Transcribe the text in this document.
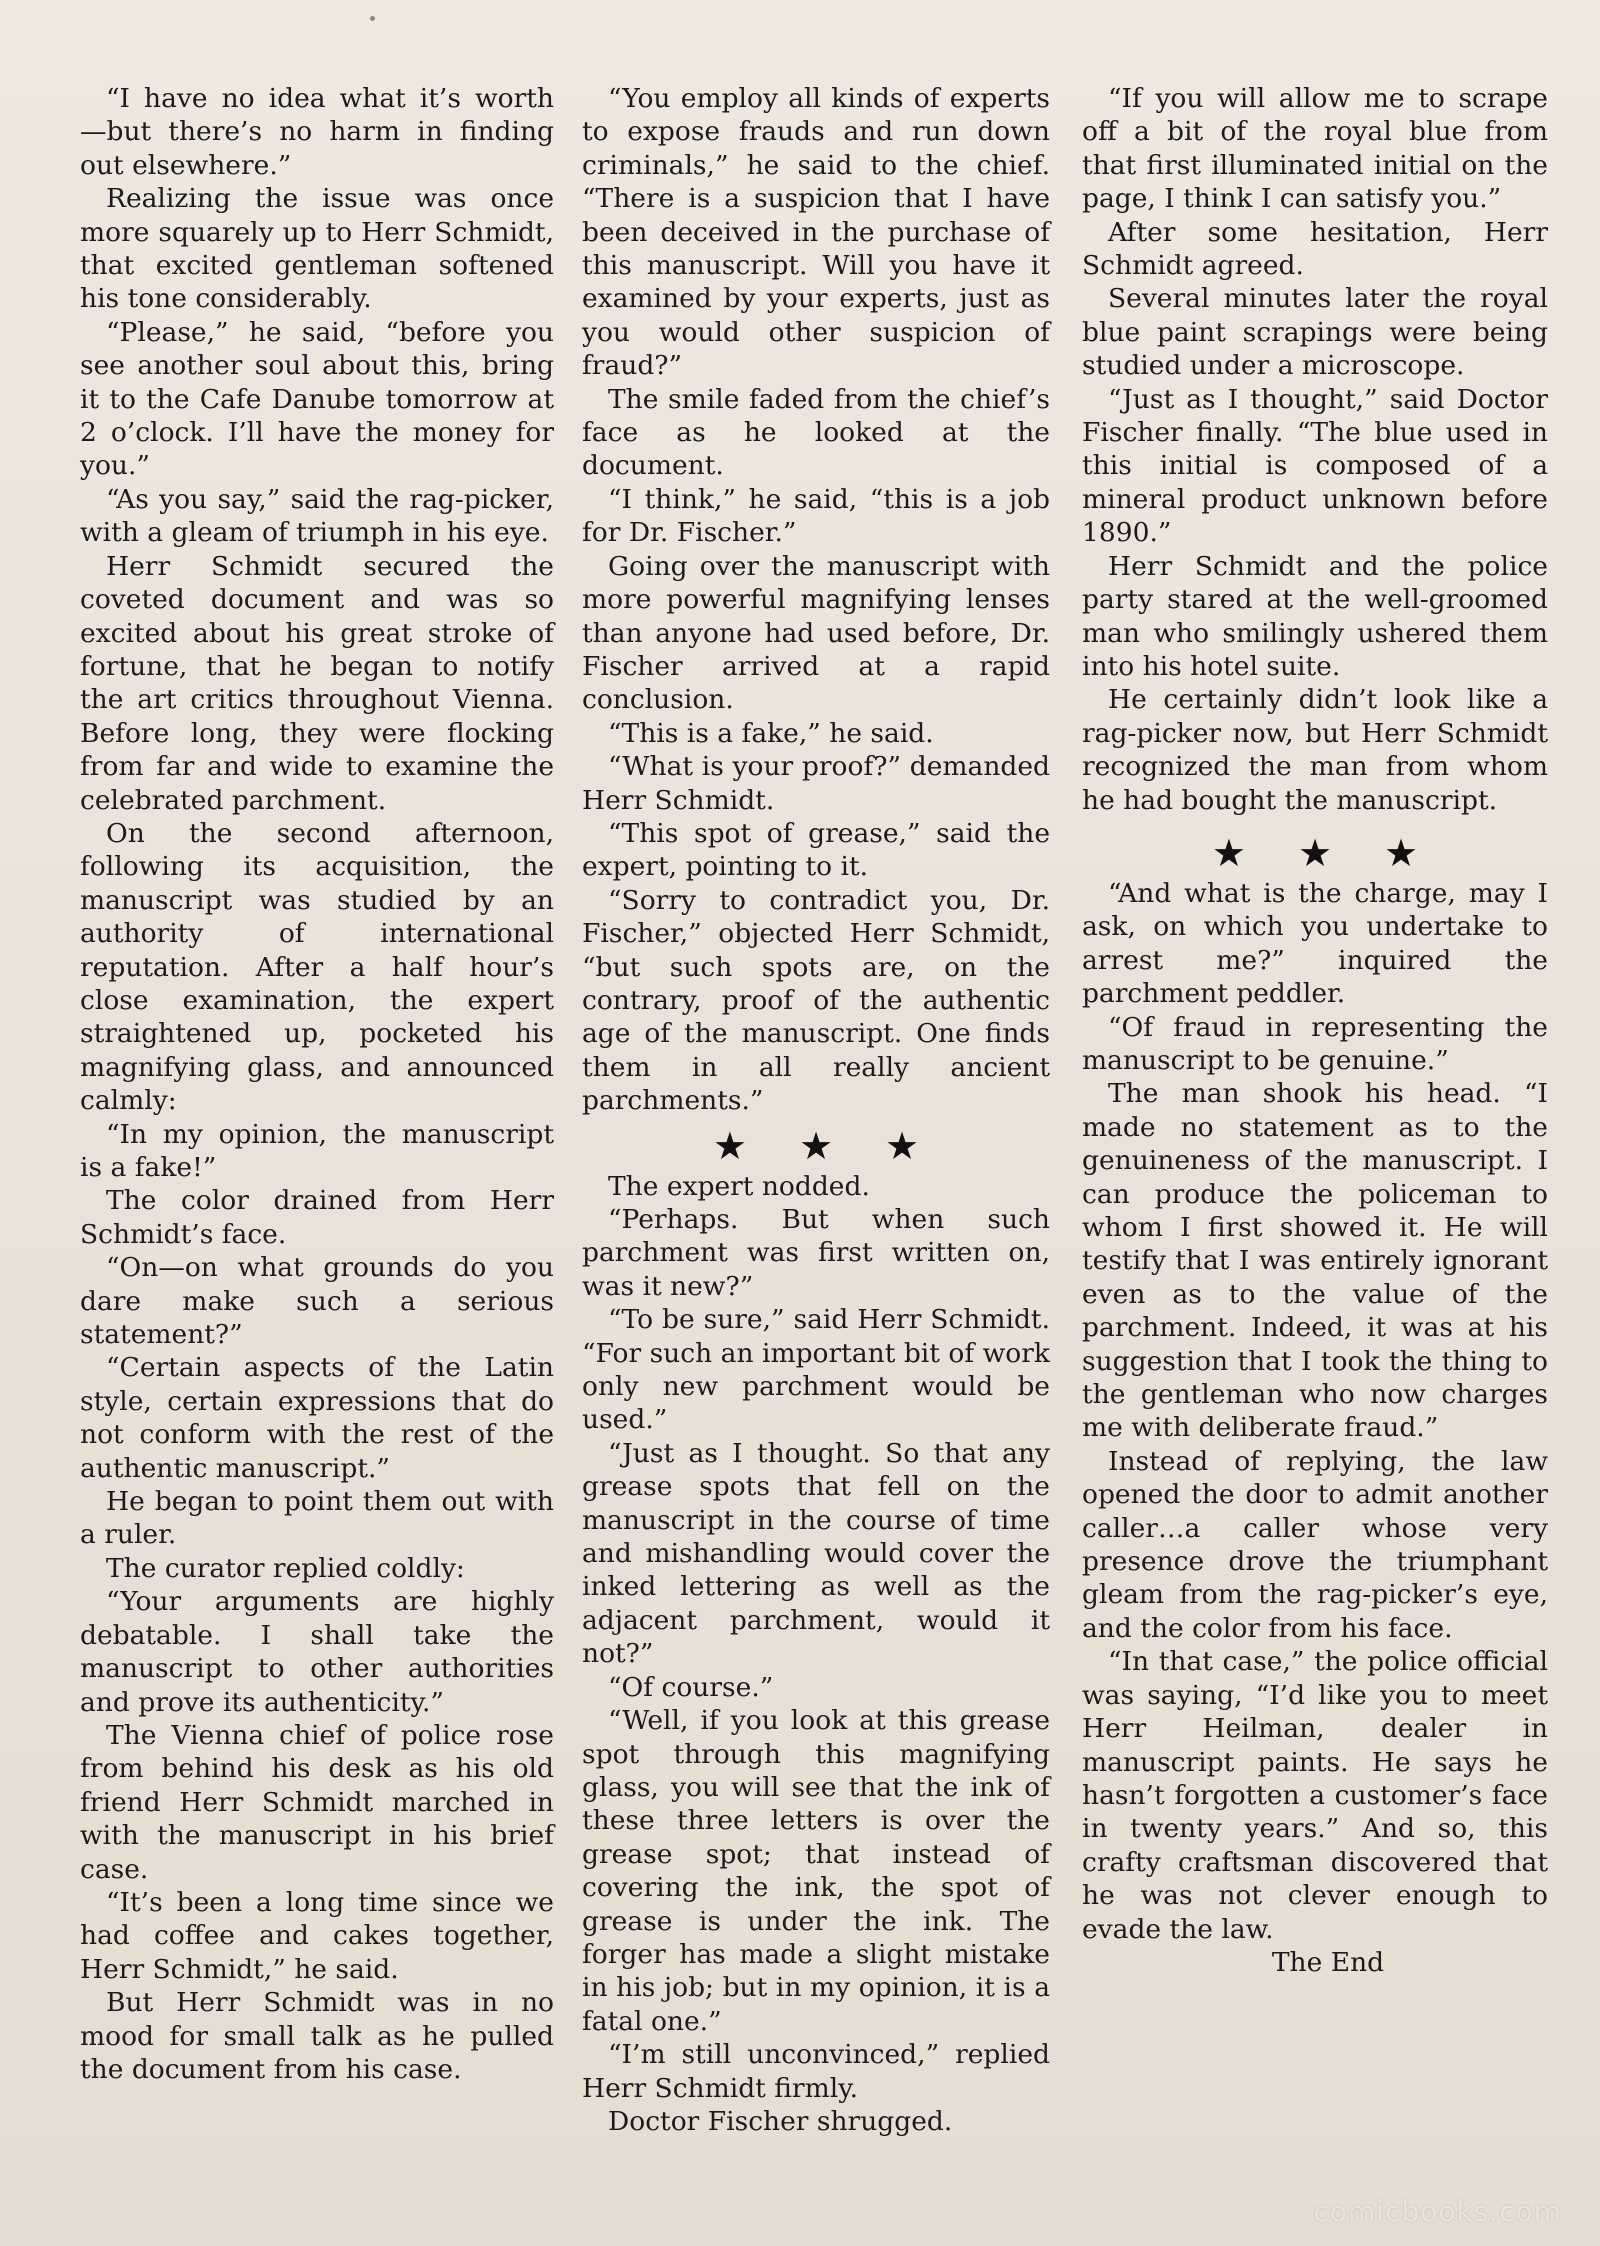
“I have no idea what it’s worth —but there’s no harm in finding out elsewhere.”

Realizing the issue was once more squarely up to Herr Schmidt, that excited gentleman softened his tone considerably.

“Please,” he said, “before you see another soul about this, bring it to the Cafe Danube tomorrow at 2 o’clock. I’ll have the money for you.”

“As you say,” said the rag-picker, with a gleam of triumph in his eye.

Herr Schmidt secured the coveted document and was so excited about his great stroke of fortune, that he began to notify the art critics throughout Vienna. Before long, they were flocking from far and wide to examine the celebrated parchment.

On the second afternoon, following its acquisition, the manuscript was studied by an authority of international reputation. After a half hour’s close examination, the expert straightened up, pocketed his magnifying glass, and announced calmly:

“In my opinion, the manuscript is a fake!”

The color drained from Herr Schmidt’s face.

“On—on what grounds do you dare make such a serious statement?”

“Certain aspects of the Latin style, certain expressions that do not conform with the rest of the authentic manuscript.”

He began to point them out with a ruler.

The curator replied coldly:

“Your arguments are highly debatable. I shall take the manuscript to other authorities and prove its authenticity.”

The Vienna chief of police rose from behind his desk as his old friend Herr Schmidt marched in with the manuscript in his brief case.

“It’s been a long time since we had coffee and cakes together, Herr Schmidt,” he said.

But Herr Schmidt was in no mood for small talk as he pulled the document from his case.

“You employ all kinds of experts to expose frauds and run down criminals,” he said to the chief. “There is a suspicion that I have been deceived in the purchase of this manuscript. Will you have it examined by your experts, just as you would other suspicion of fraud?”

The smile faded from the chief’s face as he looked at the document.

“I think,” he said, “this is a job for Dr. Fischer.”

Going over the manuscript with more powerful magnifying lenses than anyone had used before, Dr. Fischer arrived at a rapid conclusion.

“This is a fake,” he said.

“What is your proof?” demanded Herr Schmidt.

“This spot of grease,” said the expert, pointing to it.

“Sorry to contradict you, Dr. Fischer,” objected Herr Schmidt, “but such spots are, on the contrary, proof of the authentic age of the manuscript. One finds them in all really ancient parchments.”

★ ★ ★

The expert nodded.

“Perhaps. But when such parchment was first written on, was it new?”

“To be sure,” said Herr Schmidt. “For such an important bit of work only new parchment would be used.”

“Just as I thought. So that any grease spots that fell on the manuscript in the course of time and mishandling would cover the inked lettering as well as the adjacent parchment, would it not?”

“Of course.”

“Well, if you look at this grease spot through this magnifying glass, you will see that the ink of these three letters is over the grease spot; that instead of covering the ink, the spot of grease is under the ink. The forger has made a slight mistake in his job; but in my opinion, it is a fatal one.”

“I’m still unconvinced,” replied Herr Schmidt firmly.

Doctor Fischer shrugged.

“If you will allow me to scrape off a bit of the royal blue from that first illuminated initial on the page, I think I can satisfy you.”

After some hesitation, Herr Schmidt agreed.

Several minutes later the royal blue paint scrapings were being studied under a microscope.

“Just as I thought,” said Doctor Fischer finally. “The blue used in this initial is composed of a mineral product unknown before 1890.”

Herr Schmidt and the police party stared at the well-groomed man who smilingly ushered them into his hotel suite.

He certainly didn’t look like a rag-picker now, but Herr Schmidt recognized the man from whom he had bought the manuscript.

★ ★ ★

“And what is the charge, may I ask, on which you undertake to arrest me?” inquired the parchment peddler.

“Of fraud in representing the manuscript to be genuine.”

The man shook his head. “I made no statement as to the genuineness of the manuscript. I can produce the policeman to whom I first showed it. He will testify that I was entirely ignorant even as to the value of the parchment. Indeed, it was at his suggestion that I took the thing to the gentleman who now charges me with deliberate fraud.”

Instead of replying, the law opened the door to admit another caller…a caller whose very presence drove the triumphant gleam from the rag-picker’s eye, and the color from his face.

“In that case,” the police official was saying, “I’d like you to meet Herr Heilman, dealer in manuscript paints. He says he hasn’t forgotten a customer’s face in twenty years.” And so, this crafty craftsman discovered that he was not clever enough to evade the law.

The End

comicbooks.com
